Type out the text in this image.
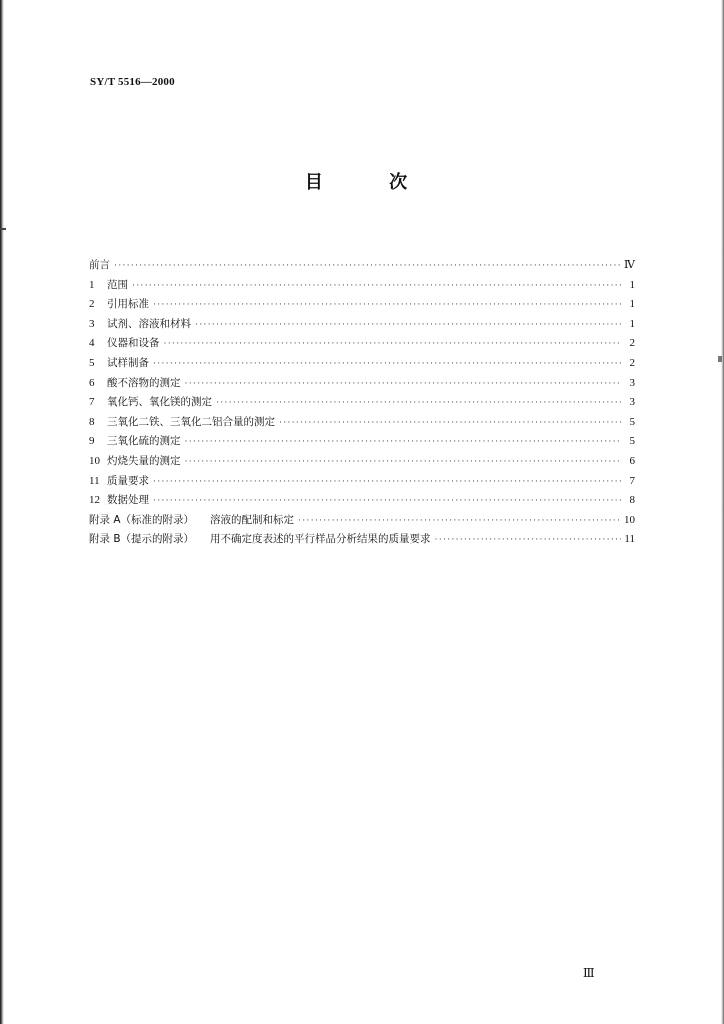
SY/T 5516—2000
目 次
前言 ·····	Ⅳ
1	范围 ·····	1
2	引用标准 ·····	1
3	试剂、溶液和材料 ·····	1
4	仪器和设备 ·····	2
5	试样制备 ·····	2
6	酸不溶物的测定 ·····	3
7	氧化钙、氧化镁的测定 ·····	3
8	三氧化二铁、三氧化二铝合量的测定 ·····	5
9	三氧化硫的测定 ·····	5
10 灼烧失量的测定 ·····	6
11 质量要求 ·····	7
12 数据处理 ·····	8
附录 A（标准的附录） 溶液的配制和标定 ·····	10
附录 B（提示的附录） 用不确定度表述的平行样品分析结果的质量要求 ·····	11
Ⅲ
